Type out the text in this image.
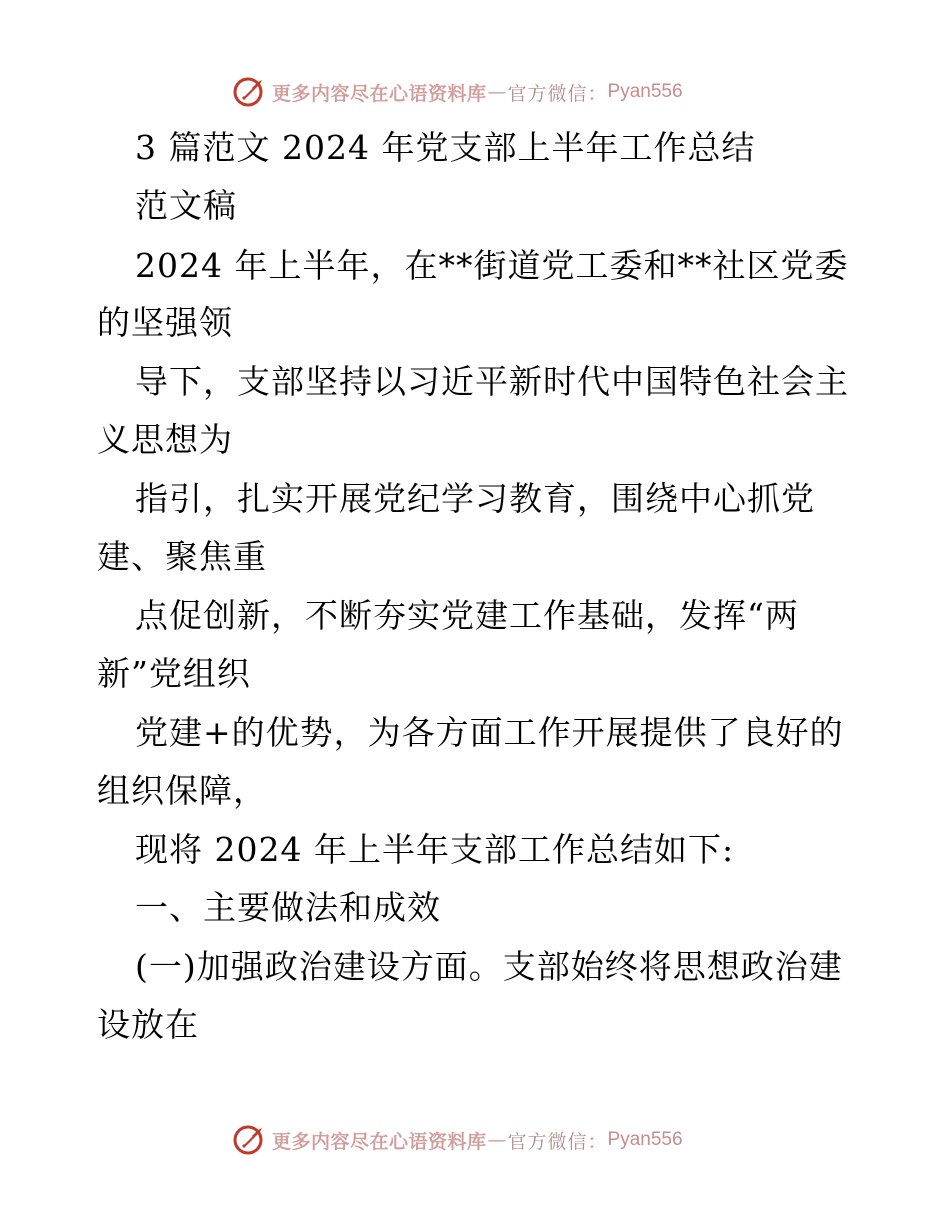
更多内容尽在心语资料库 — 官方微信： Pyan556
3 篇范文 2024 年党支部上半年工作总结
范文稿
2024 年上半年，在**街道党工委和**社区党委
的坚强领
导下，支部坚持以习近平新时代中国特色社会主
义思想为
指引，扎实开展党纪学习教育，围绕中心抓党
建、聚焦重
点促创新，不断夯实党建工作基础，发挥“两
新”党组织
党建+的优势，为各方面工作开展提供了良好的
组织保障，
现将 2024 年上半年支部工作总结如下:
一、主要做法和成效
(一)加强政治建设方面。支部始终将思想政治建
设放在
更多内容尽在心语资料库 — 官方微信： Pyan556
